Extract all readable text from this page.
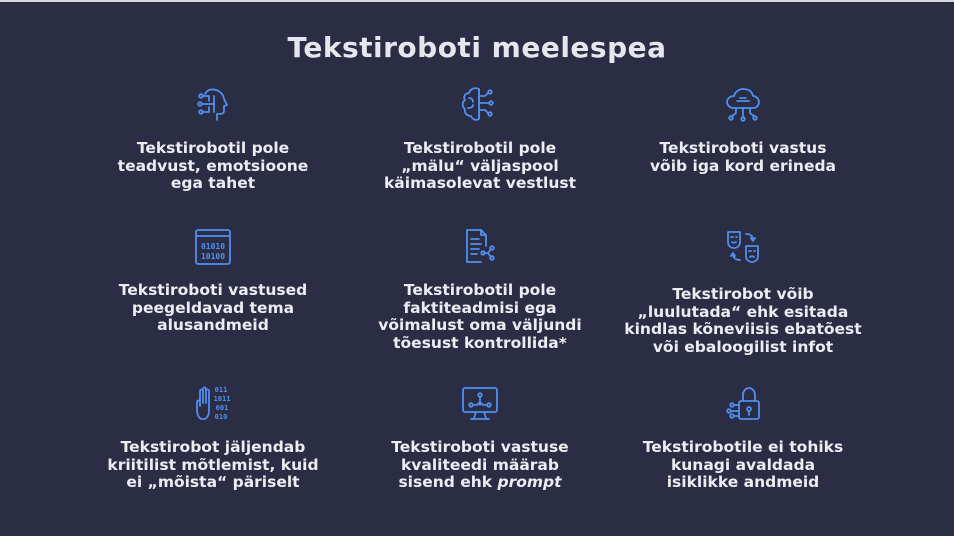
Tekstiroboti meelespea
Tekstirobotil pole
teadvust, emotsioone
ega tahet
Tekstirobotil pole
„mälu“ väljaspool
käimasolevat vestlust
Tekstiroboti vastus
võib iga kord erineda
01010
10100
Tekstiroboti vastused
peegeldavad tema
alusandmeid
Tekstirobotil pole
faktiteadmisi ega
võimalust oma väljundi
tõesust kontrollida*
Tekstirobot võib
„luulutada“ ehk esitada
kindlas kõneviisis ebatõest
või ebaloogilist infot
011
1011
001
010
Tekstirobot jäljendab
kriitilist mõtlemist, kuid
ei „mõista“ päriselt
Tekstiroboti vastuse
kvaliteedi määrab
sisend ehk prompt
Tekstirobotile ei tohiks
kunagi avaldada
isiklikke andmeid
